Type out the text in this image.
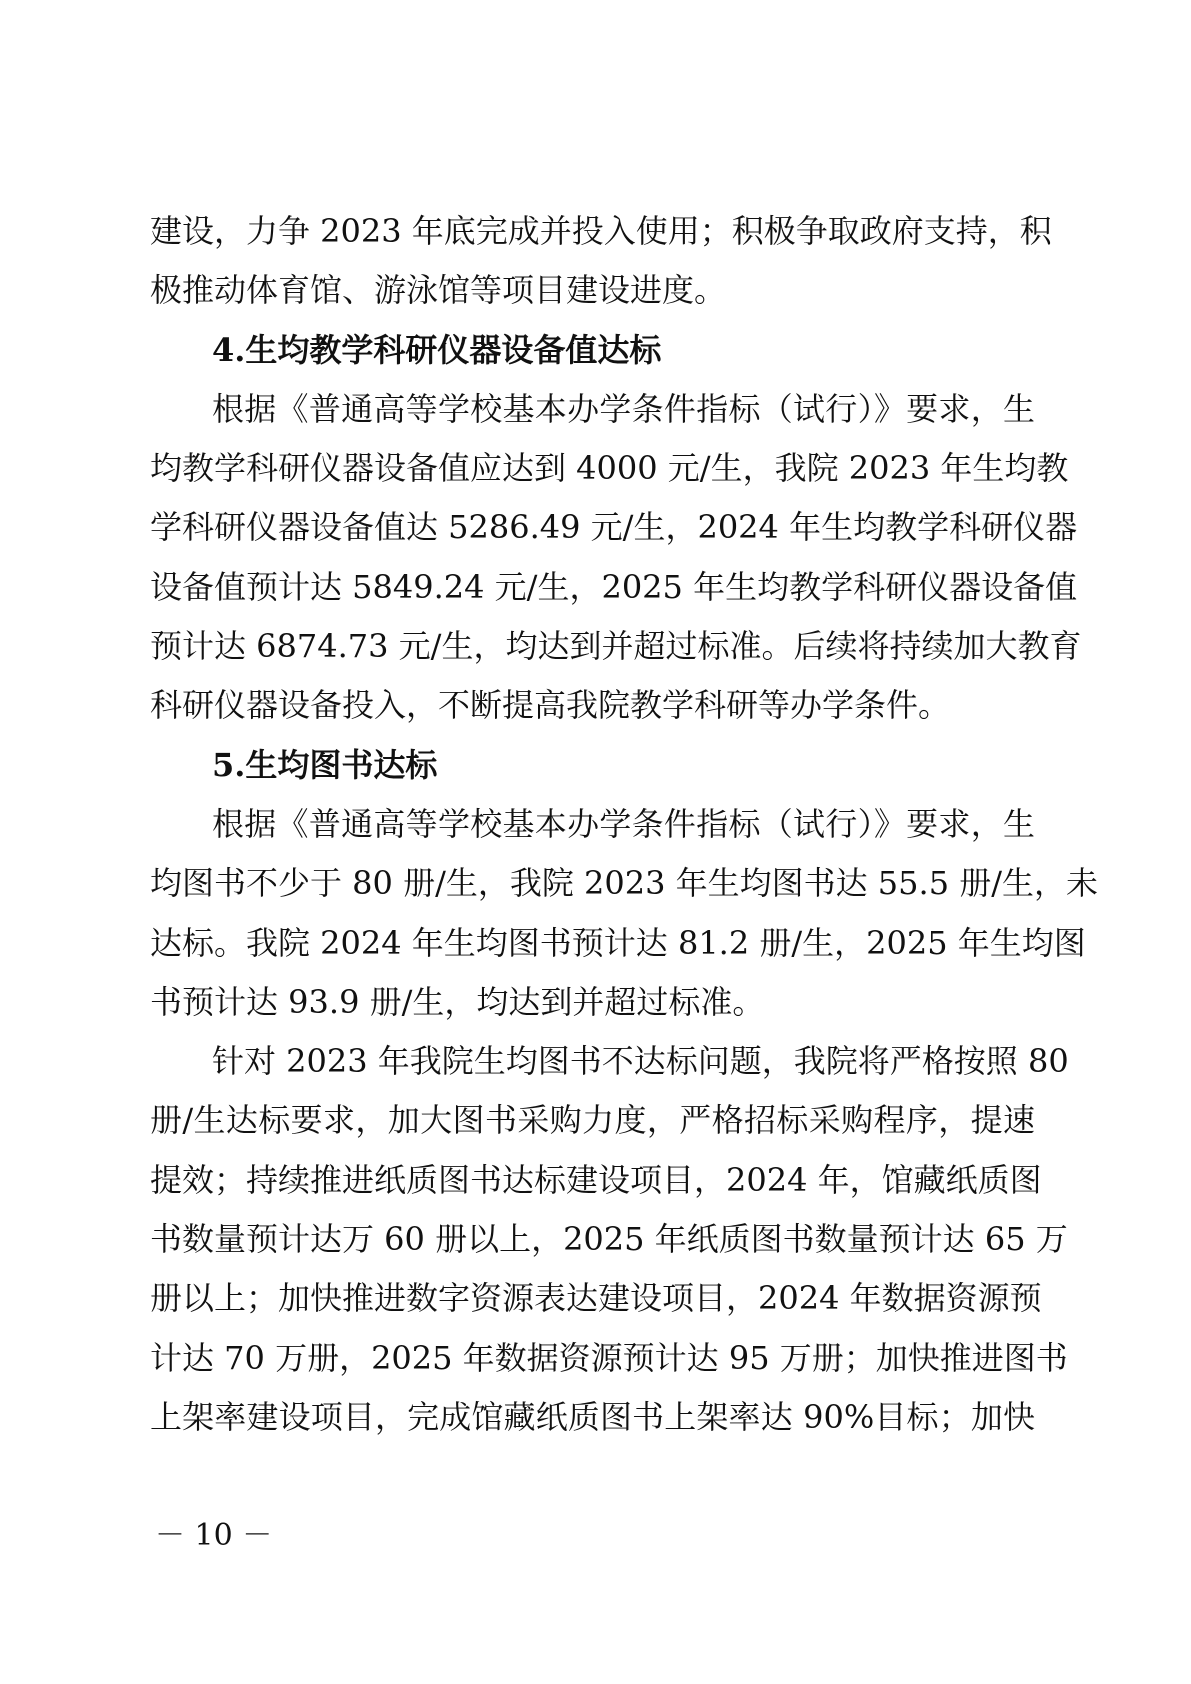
建设，力争 2023 年底完成并投入使用；积极争取政府支持，积
极推动体育馆、游泳馆等项目建设进度。
4.生均教学科研仪器设备值达标
根据《普通高等学校基本办学条件指标（试行）》要求，生
均教学科研仪器设备值应达到 4000 元/生，我院 2023 年生均教
学科研仪器设备值达 5286.49 元/生，2024 年生均教学科研仪器
设备值预计达 5849.24 元/生，2025 年生均教学科研仪器设备值
预计达 6874.73 元/生，均达到并超过标准。后续将持续加大教育
科研仪器设备投入，不断提高我院教学科研等办学条件。
5.生均图书达标
根据《普通高等学校基本办学条件指标（试行）》要求，生
均图书不少于 80 册/生，我院 2023 年生均图书达 55.5 册/生，未
达标。我院 2024 年生均图书预计达 81.2 册/生，2025 年生均图
书预计达 93.9 册/生，均达到并超过标准。
针对 2023 年我院生均图书不达标问题，我院将严格按照 80
册/生达标要求，加大图书采购力度，严格招标采购程序，提速
提效；持续推进纸质图书达标建设项目，2024 年，馆藏纸质图
书数量预计达万 60 册以上，2025 年纸质图书数量预计达 65 万
册以上；加快推进数字资源表达建设项目，2024 年数据资源预
计达 70 万册，2025 年数据资源预计达 95 万册；加快推进图书
上架率建设项目，完成馆藏纸质图书上架率达 90%目标；加快
－ 10 －
